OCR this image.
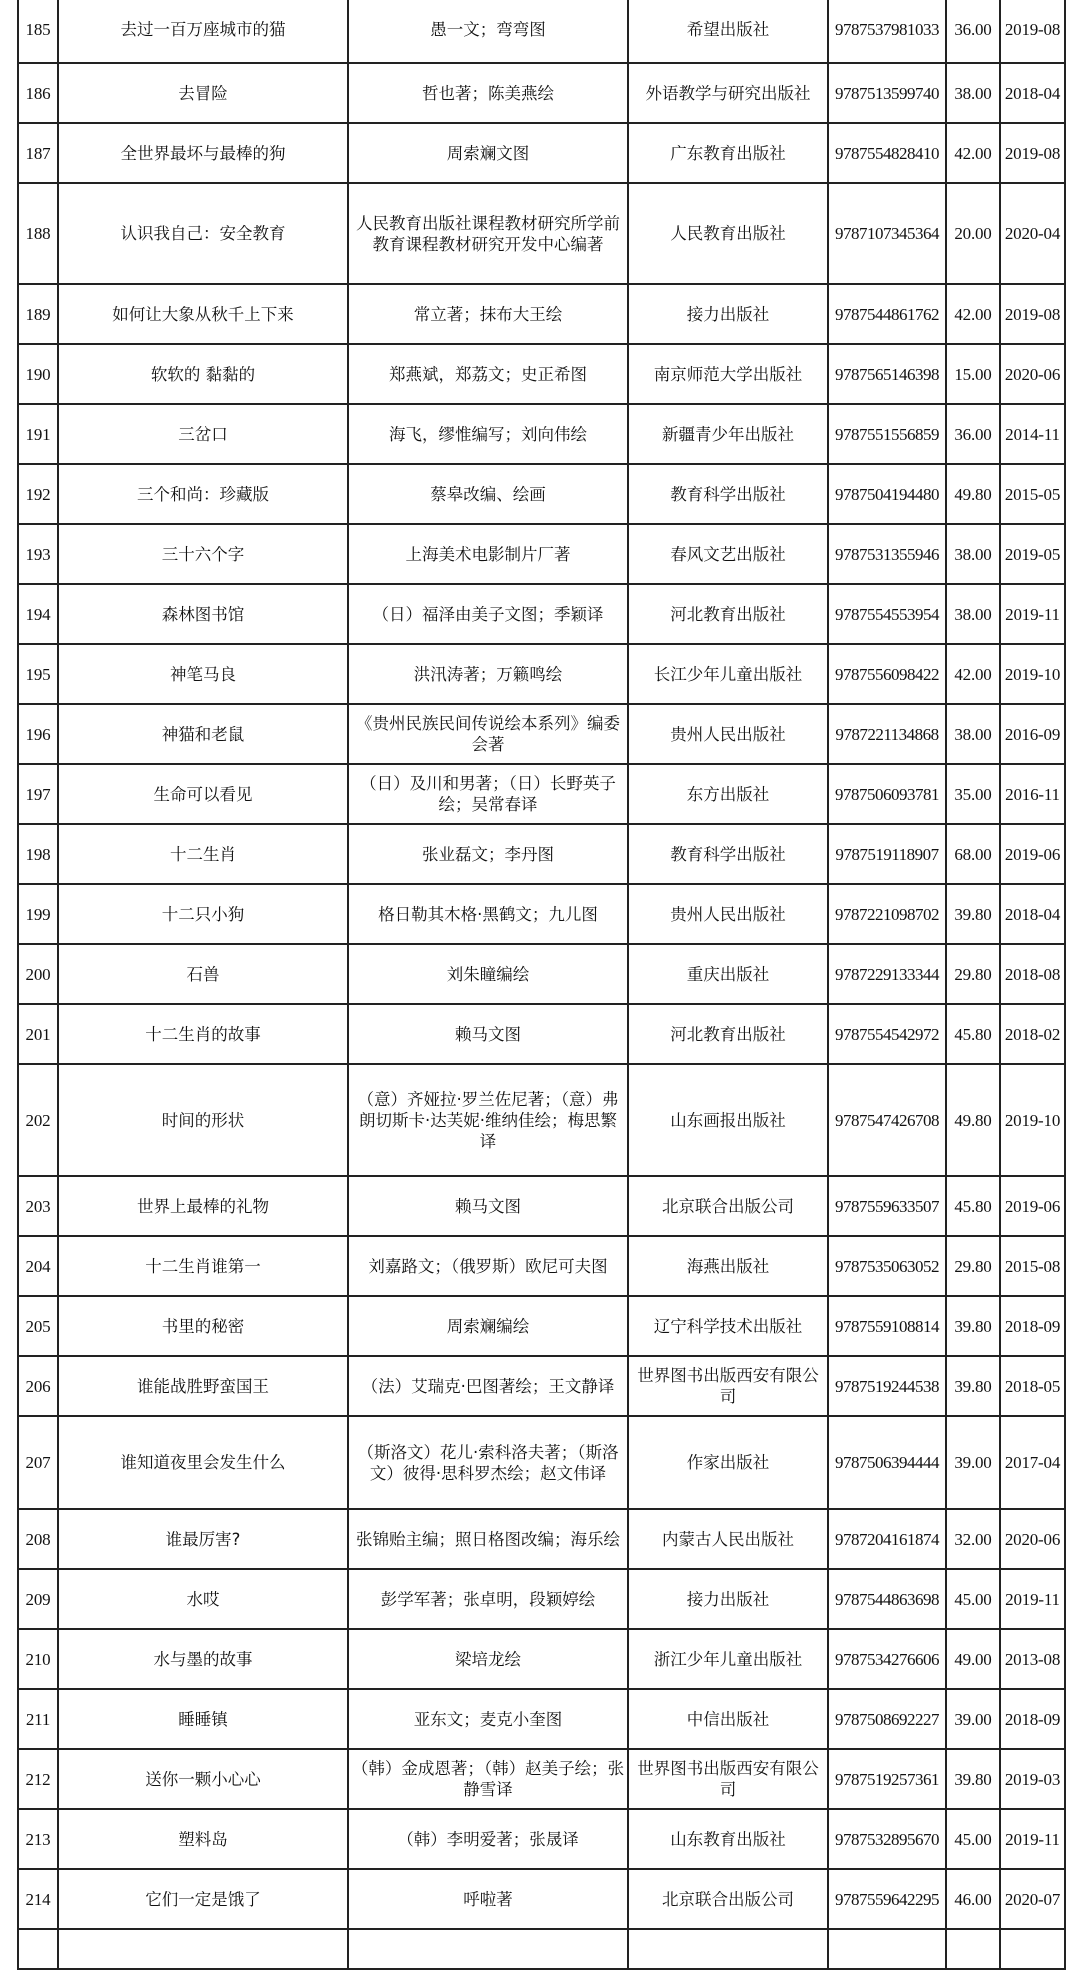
185	去过一百万座城市的猫	愚一文；弯弯图	希望出版社	9787537981033	36.00	2019-08
186	去冒险	哲也著；陈美燕绘	外语教学与研究出版社	9787513599740	38.00	2018-04
187	全世界最坏与最棒的狗	周索斓文图	广东教育出版社	9787554828410	42.00	2019-08
188	认识我自己：安全教育	人民教育出版社课程教材研究所学前教育课程教材研究开发中心编著	人民教育出版社	9787107345364	20.00	2020-04
189	如何让大象从秋千上下来	常立著；抹布大王绘	接力出版社	9787544861762	42.00	2019-08
190	软软的 黏黏的	郑燕斌，郑荔文；史正希图	南京师范大学出版社	9787565146398	15.00	2020-06
191	三岔口	海飞，缪惟编写；刘向伟绘	新疆青少年出版社	9787551556859	36.00	2014-11
192	三个和尚：珍藏版	蔡皋改编、绘画	教育科学出版社	9787504194480	49.80	2015-05
193	三十六个字	上海美术电影制片厂著	春风文艺出版社	9787531355946	38.00	2019-05
194	森林图书馆	（日）福泽由美子文图；季颖译	河北教育出版社	9787554553954	38.00	2019-11
195	神笔马良	洪汛涛著；万籁鸣绘	长江少年儿童出版社	9787556098422	42.00	2019-10
196	神猫和老鼠	《贵州民族民间传说绘本系列》编委会著	贵州人民出版社	9787221134868	38.00	2016-09
197	生命可以看见	（日）及川和男著；（日）长野英子绘；吴常春译	东方出版社	9787506093781	35.00	2016-11
198	十二生肖	张业磊文；李丹图	教育科学出版社	9787519118907	68.00	2019-06
199	十二只小狗	格日勒其木格·黑鹤文；九儿图	贵州人民出版社	9787221098702	39.80	2018-04
200	石兽	刘朱瞳编绘	重庆出版社	9787229133344	29.80	2018-08
201	十二生肖的故事	赖马文图	河北教育出版社	9787554542972	45.80	2018-02
202	时间的形状	（意）齐娅拉·罗兰佐尼著；（意）弗朗切斯卡·达芙妮·维纳佳绘；梅思繁译	山东画报出版社	9787547426708	49.80	2019-10
203	世界上最棒的礼物	赖马文图	北京联合出版公司	9787559633507	45.80	2019-06
204	十二生肖谁第一	刘嘉路文；（俄罗斯）欧尼可夫图	海燕出版社	9787535063052	29.80	2015-08
205	书里的秘密	周索斓编绘	辽宁科学技术出版社	9787559108814	39.80	2018-09
206	谁能战胜野蛮国王	（法）艾瑞克·巴图著绘；王文静译	世界图书出版西安有限公司	9787519244538	39.80	2018-05
207	谁知道夜里会发生什么	（斯洛文）花儿·索科洛夫著；（斯洛文）彼得·思科罗杰绘；赵文伟译	作家出版社	9787506394444	39.00	2017-04
208	谁最厉害?	张锦贻主编；照日格图改编；海乐绘	内蒙古人民出版社	9787204161874	32.00	2020-06
209	水哎	彭学军著；张卓明，段颖婷绘	接力出版社	9787544863698	45.00	2019-11
210	水与墨的故事	梁培龙绘	浙江少年儿童出版社	9787534276606	49.00	2013-08
211	睡睡镇	亚东文；麦克小奎图	中信出版社	9787508692227	39.00	2018-09
212	送你一颗小心心	（韩）金成恩著；（韩）赵美子绘；张静雪译	世界图书出版西安有限公司	9787519257361	39.80	2019-03
213	塑料岛	（韩）李明爱著；张晟译	山东教育出版社	9787532895670	45.00	2019-11
214	它们一定是饿了	呼啦著	北京联合出版公司	9787559642295	46.00	2020-07
